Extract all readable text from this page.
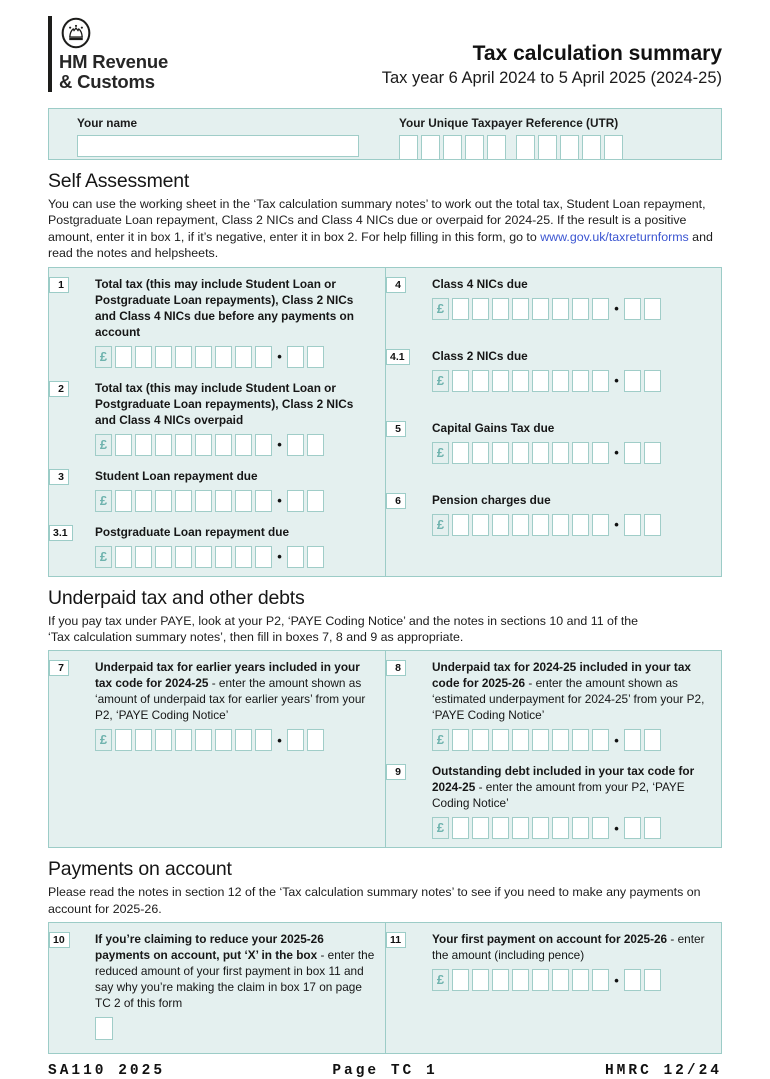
HM Revenue
& Customs
Tax calculation summary
Tax year 6 April 2024 to 5 April 2025 (2024-25)
Your name	Your Unique Taxpayer Reference (UTR)
Self Assessment
You can use the working sheet in the ‘Tax calculation summary notes’ to work out the total tax, Student Loan repayment, Postgraduate Loan repayment, Class 2 NICs and Class 4 NICs due or overpaid for 2024-25. If the result is a positive amount, enter it in box 1, if it’s negative, enter it in box 2. For help filling in this form, go to www.gov.uk/taxreturnforms and read the notes and helpsheets.
1	Total tax (this may include Student Loan or Postgraduate Loan repayments), Class 2 NICs and Class 4 NICs due before any payments on account
£	•
2	Total tax (this may include Student Loan or Postgraduate Loan repayments), Class 2 NICs and Class 4 NICs overpaid
£	•
3	Student Loan repayment due
£	•
3.1	Postgraduate Loan repayment due
£	•
4	Class 4 NICs due
£	•
4.1	Class 2 NICs due
£	•
5	Capital Gains Tax due
£	•
6	Pension charges due
£	•
Underpaid tax and other debts
If you pay tax under PAYE, look at your P2, ‘PAYE Coding Notice’ and the notes in sections 10 and 11 of the ‘Tax calculation summary notes’, then fill in boxes 7, 8 and 9 as appropriate.
7	Underpaid tax for earlier years included in your tax code for 2024-25 - enter the amount shown as ‘amount of underpaid tax for earlier years’ from your P2, ‘PAYE Coding Notice’
£	•
8	Underpaid tax for 2024-25 included in your tax code for 2025-26 - enter the amount shown as ‘estimated underpayment for 2024-25’ from your P2, ‘PAYE Coding Notice’
£	•
9	Outstanding debt included in your tax code for 2024-25 - enter the amount from your P2, ‘PAYE Coding Notice’
£	•
Payments on account
Please read the notes in section 12 of the ‘Tax calculation summary notes’ to see if you need to make any payments on account for 2025-26.
10	If you’re claiming to reduce your 2025-26 payments on account, put ‘X’ in the box - enter the reduced amount of your first payment in box 11 and say why you’re making the claim in box 17 on page TC 2 of this form
11	Your first payment on account for 2025-26 - enter the amount (including pence)
£	•
SA110 2025	Page TC 1	HMRC 12/24
